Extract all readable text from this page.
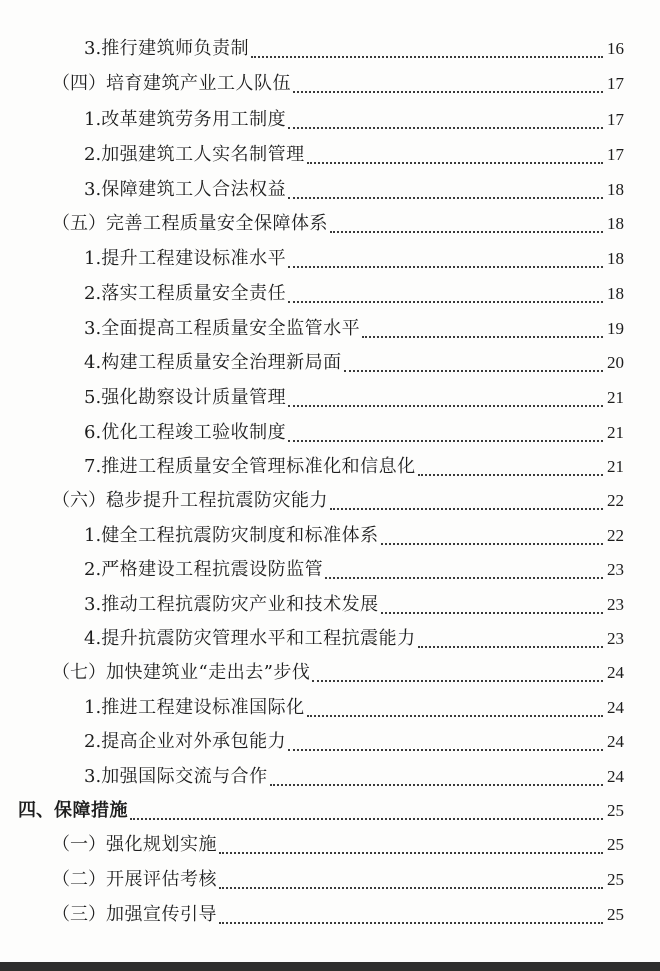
3. 推行建筑师负责制	16
（四） 培育建筑产业工人队伍	17
1. 改革建筑劳务用工制度	17
2. 加强建筑工人实名制管理	17
3. 保障建筑工人合法权益	18
（五） 完善工程质量安全保障体系	18
1. 提升工程建设标准水平	18
2. 落实工程质量安全责任	18
3. 全面提高工程质量安全监管水平	19
4. 构建工程质量安全治理新局面	20
5. 强化勘察设计质量管理	21
6. 优化工程竣工验收制度	21
7. 推进工程质量安全管理标准化和信息化	21
（六） 稳步提升工程抗震防灾能力	22
1. 健全工程抗震防灾制度和标准体系	22
2. 严格建设工程抗震设防监管	23
3. 推动工程抗震防灾产业和技术发展	23
4. 提升抗震防灾管理水平和工程抗震能力	23
（七） 加快建筑业“走出去”步伐	24
1. 推进工程建设标准国际化	24
2. 提高企业对外承包能力	24
3. 加强国际交流与合作	24
四、 保障措施	25
（一） 强化规划实施	25
（二） 开展评估考核	25
（三） 加强宣传引导	25
